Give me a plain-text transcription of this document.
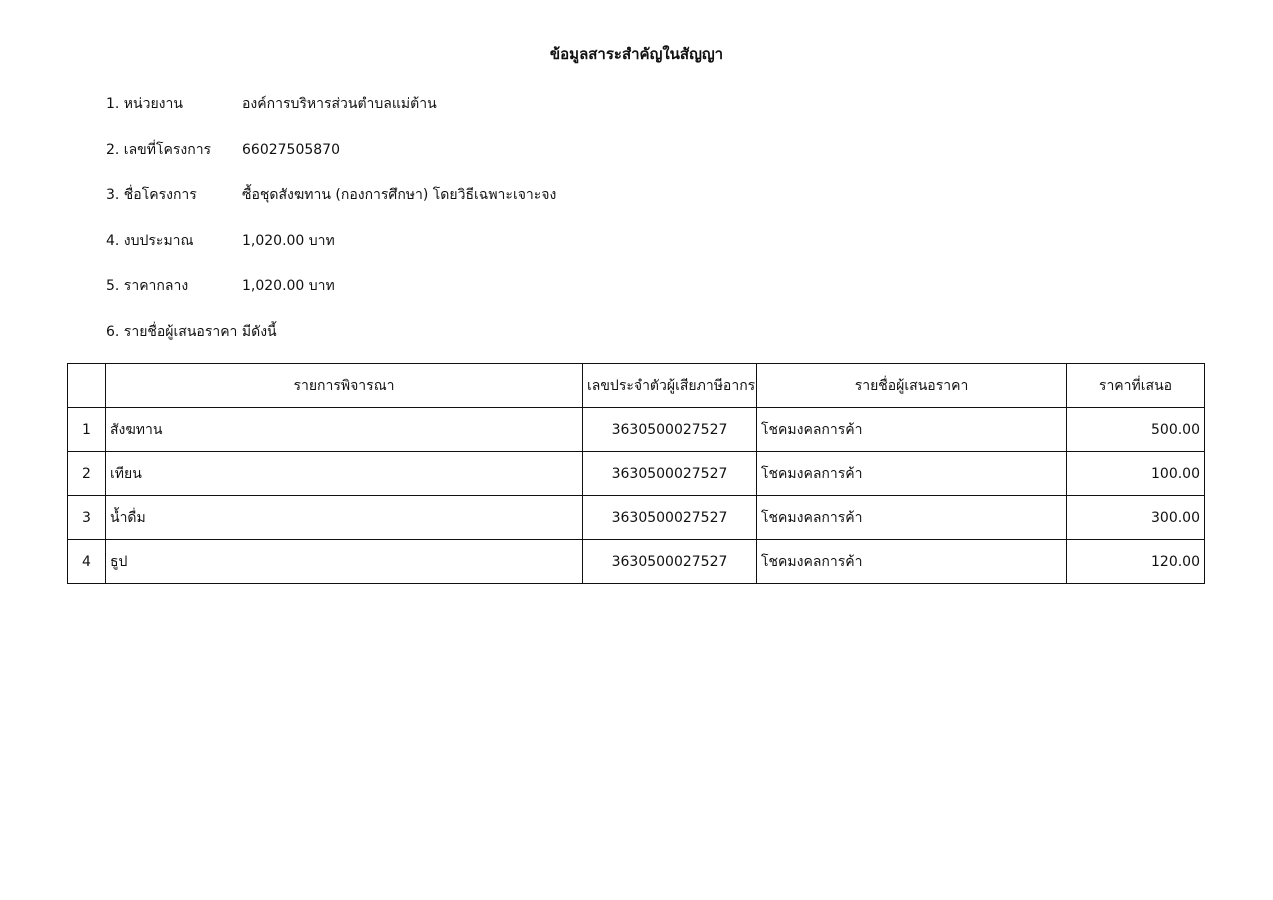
ข้อมูลสาระสำคัญในสัญญา
1. หน่วยงาน	องค์การบริหารส่วนตำบลแม่ต้าน
2. เลขที่โครงการ 66027505870
3. ชื่อโครงการ	ซื้อชุดสังฆทาน (กองการศึกษา) โดยวิธีเฉพาะเจาะจง
4. งบประมาณ	1,020.00 บาท
5. ราคากลาง	1,020.00 บาท
6. รายชื่อผู้เสนอราคา มีดังนี้
	รายการพิจารณา	เลขประจำตัวผู้เสียภาษีอากร	รายชื่อผู้เสนอราคา	ราคาที่เสนอ
1	สังฆทาน	3630500027527	โชคมงคลการค้า	500.00
2	เทียน	3630500027527	โชคมงคลการค้า	100.00
3	น้ำดื่ม	3630500027527	โชคมงคลการค้า	300.00
4	ธูป	3630500027527	โชคมงคลการค้า	120.00
